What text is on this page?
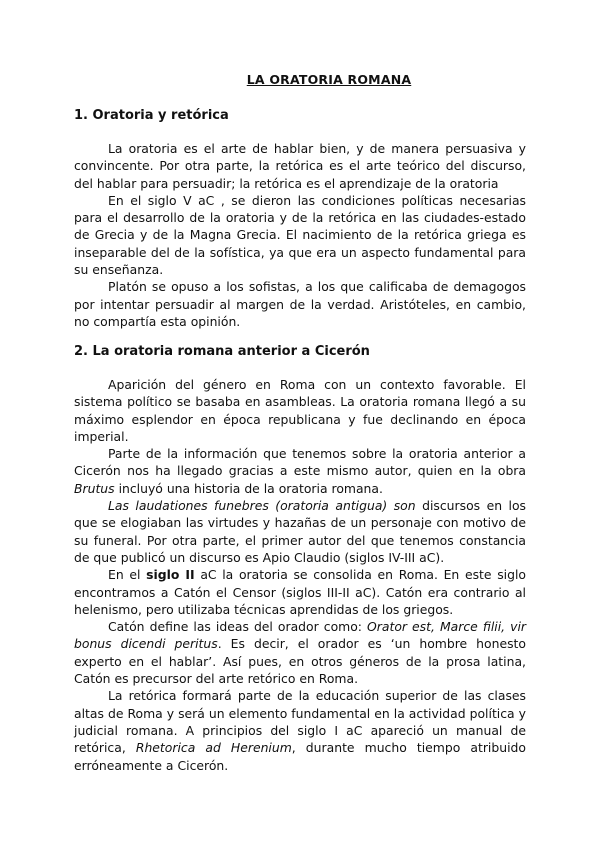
LA ORATORIA ROMANA
1. Oratoria y retórica

La oratoria es el arte de hablar bien, y de manera persuasiva y convincente. Por otra parte, la retórica es el arte teórico del discurso, del hablar para persuadir; la retórica es el aprendizaje de la oratoria

En el siglo V aC , se dieron las condiciones políticas necesarias para el desarrollo de la oratoria y de la retórica en las ciudades-estado de Grecia y de la Magna Grecia. El nacimiento de la retórica griega es inseparable del de la sofística, ya que era un aspecto fundamental para su enseñanza.

Platón se opuso a los sofistas, a los que calificaba de demagogos por intentar persuadir al margen de la verdad. Aristóteles, en cambio, no compartía esta opinión.

2. La oratoria romana anterior a Cicerón

Aparición del género en Roma con un contexto favorable. El sistema político se basaba en asambleas. La oratoria romana llegó a su máximo esplendor en época republicana y fue declinando en época imperial.

Parte de la información que tenemos sobre la oratoria anterior a Cicerón nos ha llegado gracias a este mismo autor, quien en la obra Brutus incluyó una historia de la oratoria romana.

Las laudationes funebres (oratoria antigua) son discursos en los que se elogiaban las virtudes y hazañas de un personaje con motivo de su funeral. Por otra parte, el primer autor del que tenemos constancia de que publicó un discurso es Apio Claudio (siglos IV-III aC).

En el siglo II aC la oratoria se consolida en Roma. En este siglo encontramos a Catón el Censor (siglos III-II aC). Catón era contrario al helenismo, pero utilizaba técnicas aprendidas de los griegos.

Catón define las ideas del orador como: Orator est, Marce filii, vir bonus dicendi peritus. Es decir, el orador es ‘un hombre honesto experto en el hablar’. Así pues, en otros géneros de la prosa latina, Catón es precursor del arte retórico en Roma.

La retórica formará parte de la educación superior de las clases altas de Roma y será un elemento fundamental en la actividad política y judicial romana. A principios del siglo I aC apareció un manual de retórica, Rhetorica ad Herenium, durante mucho tiempo atribuido erróneamente a Cicerón.
